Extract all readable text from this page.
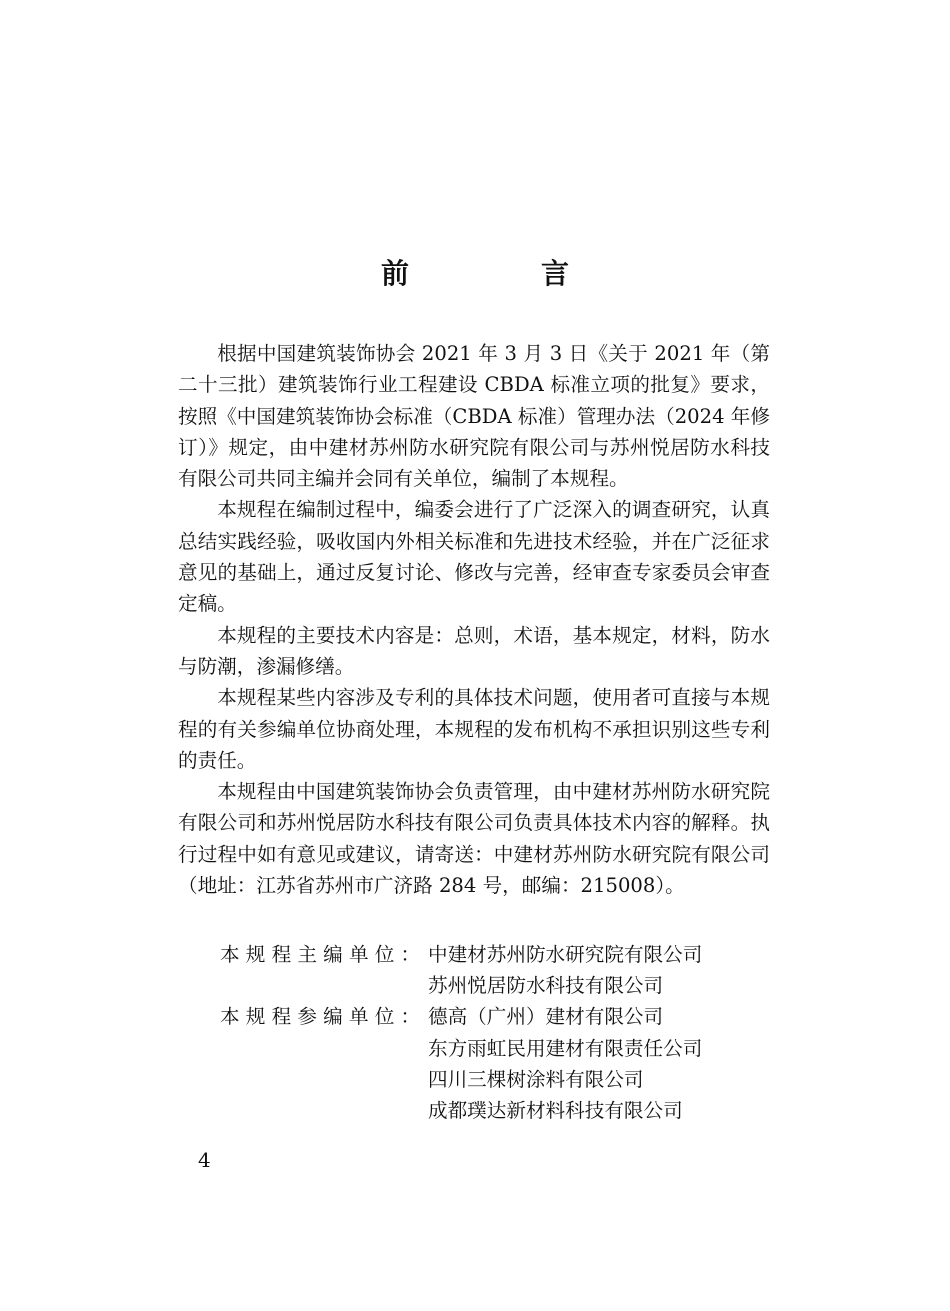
前　言

根据中国建筑装饰协会 2021 年 3 月 3 日《关于 2021 年（第二十三批）建筑装饰行业工程建设 CBDA 标准立项的批复》要求，按照《中国建筑装饰协会标准（CBDA 标准）管理办法（2024 年修订）》规定，由中建材苏州防水研究院有限公司与苏州悦居防水科技有限公司共同主编并会同有关单位，编制了本规程。

本规程在编制过程中，编委会进行了广泛深入的调查研究，认真总结实践经验，吸收国内外相关标准和先进技术经验，并在广泛征求意见的基础上，通过反复讨论、修改与完善，经审查专家委员会审查定稿。

本规程的主要技术内容是：总则，术语，基本规定，材料，防水与防潮，渗漏修缮。

本规程某些内容涉及专利的具体技术问题，使用者可直接与本规程的有关参编单位协商处理，本规程的发布机构不承担识别这些专利的责任。

本规程由中国建筑装饰协会负责管理，由中建材苏州防水研究院有限公司和苏州悦居防水科技有限公司负责具体技术内容的解释。执行过程中如有意见或建议，请寄送：中建材苏州防水研究院有限公司（地址：江苏省苏州市广济路 284 号，邮编：215008）。

本规程主编单位： 中建材苏州防水研究院有限公司
苏州悦居防水科技有限公司
本规程参编单位： 德高（广州）建材有限公司
东方雨虹民用建材有限责任公司
四川三棵树涂料有限公司
成都璞达新材料科技有限公司
4
